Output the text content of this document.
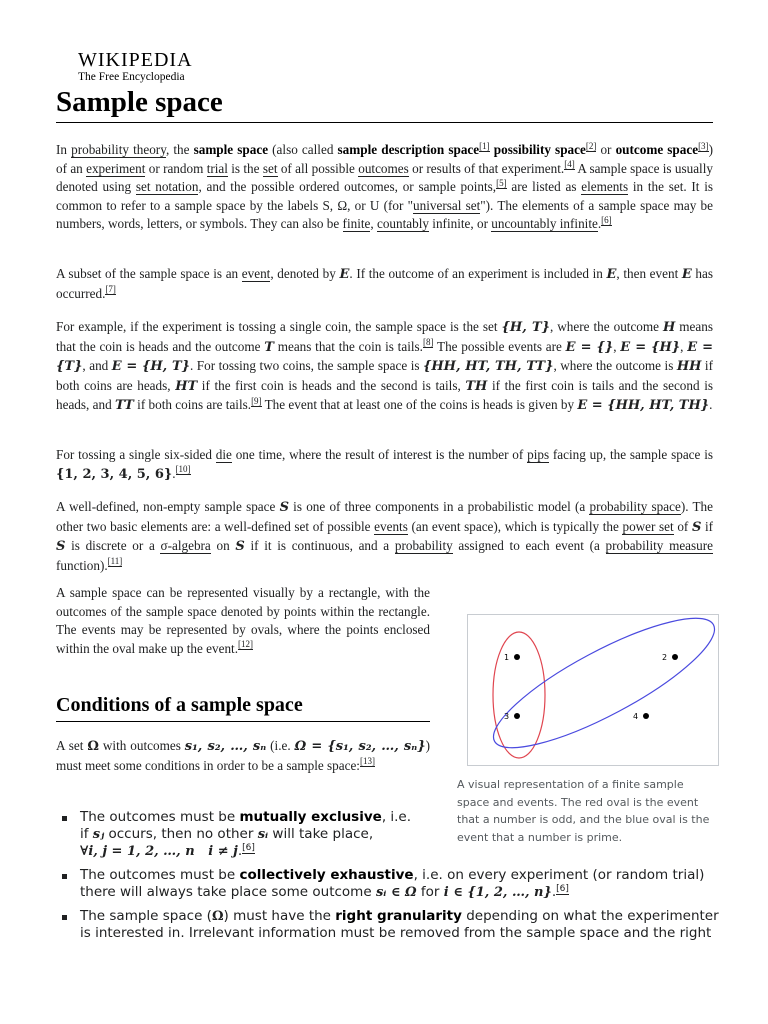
WIKIPEDIA
The Free Encyclopedia
Sample space

In probability theory, the sample space (also called sample description space[1] possibility space[2] or outcome space[3]) of an experiment or random trial is the set of all possible outcomes or results of that experiment.[4] A sample space is usually denoted using set notation, and the possible ordered outcomes, or sample points,[5] are listed as elements in the set. It is common to refer to a sample space by the labels S, Ω, or U (for "universal set"). The elements of a sample space may be numbers, words, letters, or symbols. They can also be finite, countably infinite, or uncountably infinite.[6]

A subset of the sample space is an event, denoted by E. If the outcome of an experiment is included in E, then event E has occurred.[7]

For example, if the experiment is tossing a single coin, the sample space is the set {H, T}, where the outcome H means that the coin is heads and the outcome T means that the coin is tails.[8] The possible events are E = {}, E = {H}, E = {T}, and E = {H, T}. For tossing two coins, the sample space is {HH, HT, TH, TT}, where the outcome is HH if both coins are heads, HT if the first coin is heads and the second is tails, TH if the first coin is tails and the second is heads, and TT if both coins are tails.[9] The event that at least one of the coins is heads is given by E = {HH, HT, TH}.

For tossing a single six-sided die one time, where the result of interest is the number of pips facing up, the sample space is {1, 2, 3, 4, 5, 6}.[10]

A well-defined, non-empty sample space S is one of three components in a probabilistic model (a probability space). The other two basic elements are: a well-defined set of possible events (an event space), which is typically the power set of S if S is discrete or a σ-algebra on S if it is continuous, and a probability assigned to each event (a probability measure function).[11]

A sample space can be represented visually by a rectangle, with the outcomes of the sample space denoted by points within the rectangle. The events may be represented by ovals, where the points enclosed within the oval make up the event.[12]

1	2
3	4

A visual representation of a finite sample space and events. The red oval is the event that a number is odd, and the blue oval is the event that a number is prime.

Conditions of a sample space

A set Ω with outcomes s₁, s₂, …, sₙ (i.e. Ω = {s₁, s₂, …, sₙ}) must meet some conditions in order to be a sample space:[13]

The outcomes must be mutually exclusive, i.e. if sⱼ occurs, then no other sᵢ will take place, ∀i, j = 1, 2, …, n   i ≠ j.[6]
The outcomes must be collectively exhaustive, i.e. on every experiment (or random trial) there will always take place some outcome sᵢ ∈ Ω for i ∈ {1, 2, …, n}.[6]
The sample space (Ω) must have the right granularity depending on what the experimenter is interested in. Irrelevant information must be removed from the sample space and the right
